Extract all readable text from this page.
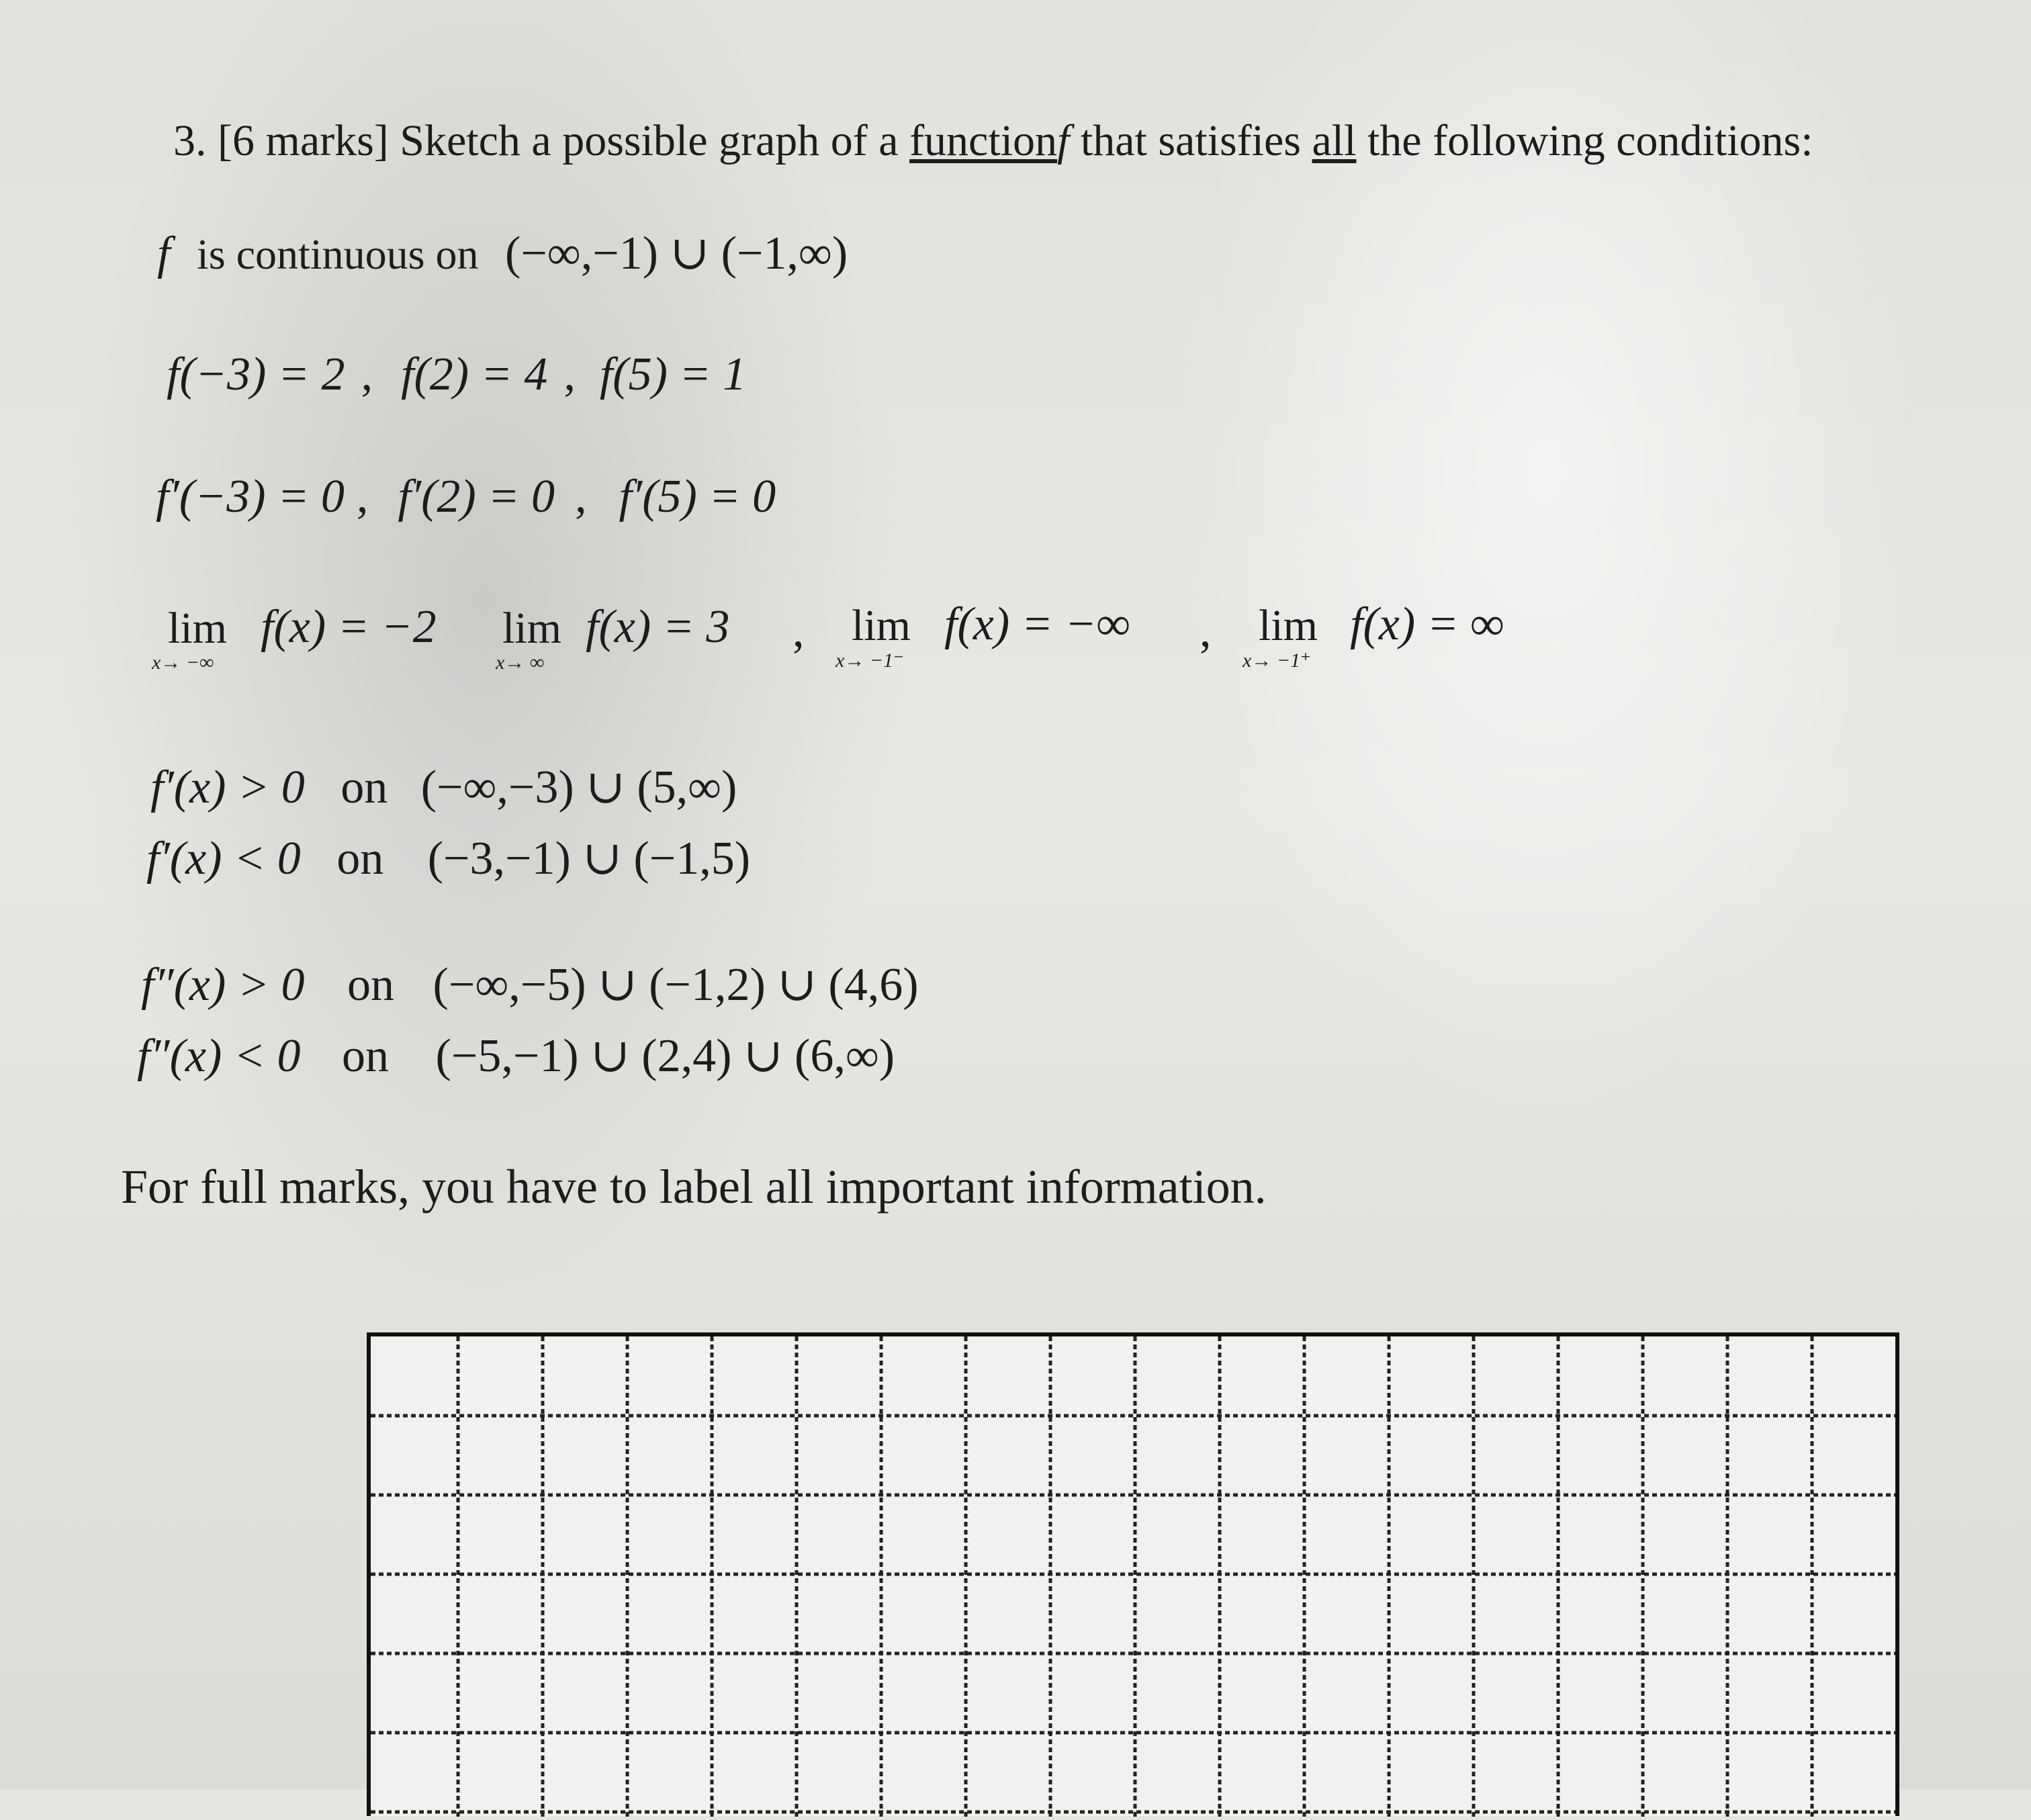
3. [6 marks] Sketch a possible graph of a functionf that satisfies all the following conditions:
f is continuous on (−∞,−1) ∪ (−1,∞)
f(−3) = 2 , f(2) = 4 , f(5) = 1
f′(−3) = 0 , f′(2) = 0 , f′(5) = 0
lim
x→ −∞
f(x) = −2 lim
x→ ∞
f(x) = 3 , lim
x→ −1⁻
f(x) = −∞ , lim
x→ −1⁺
f(x) = ∞
f′(x) > 0 on (−∞,−3) ∪ (5,∞)
f′(x) < 0 on (−3,−1) ∪ (−1,5)
f″(x) > 0 on (−∞,−5) ∪ (−1,2) ∪ (4,6)
f″(x) < 0 on (−5,−1) ∪ (2,4) ∪ (6,∞)
For full marks, you have to label all important information.
